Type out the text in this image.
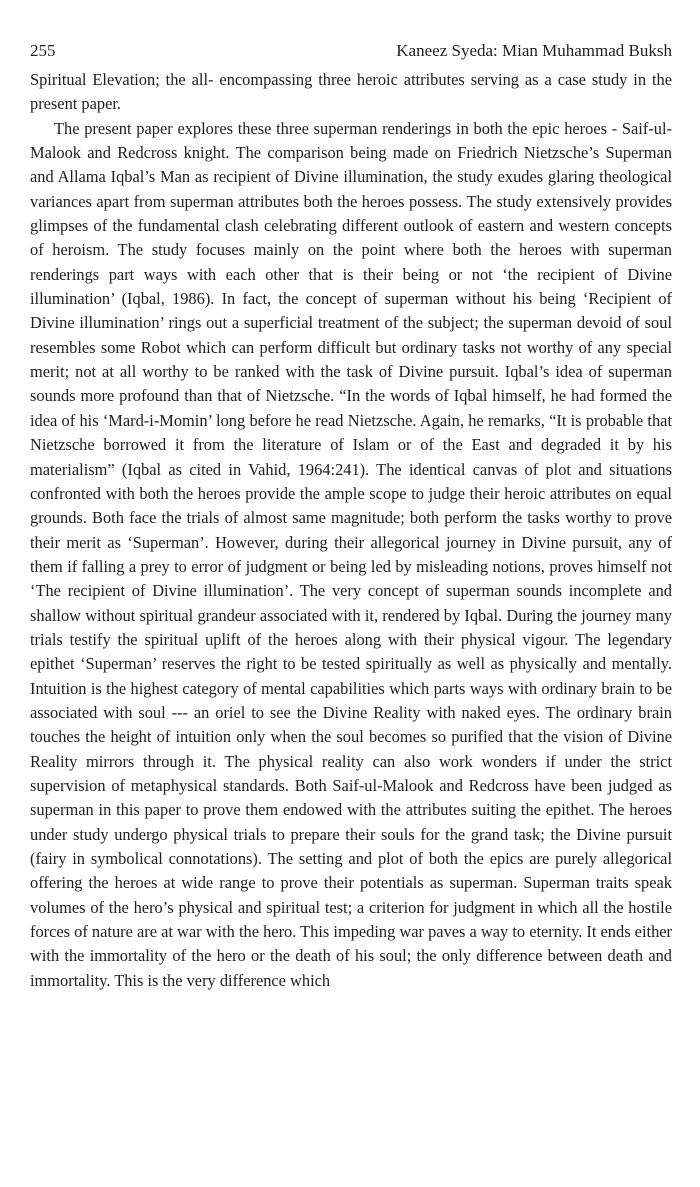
255	Kaneez Syeda: Mian Muhammad Buksh

Spiritual Elevation; the all- encompassing three heroic attributes serving as a case study in the present paper.

The present paper explores these three superman renderings in both the epic heroes - Saif-ul-Malook and Redcross knight. The comparison being made on Friedrich Nietzsche’s Superman and Allama Iqbal’s Man as recipient of Divine illumination, the study exudes glaring theological variances apart from superman attributes both the heroes possess. The study extensively provides glimpses of the fundamental clash celebrating different outlook of eastern and western concepts of heroism. The study focuses mainly on the point where both the heroes with superman renderings part ways with each other that is their being or not ‘the recipient of Divine illumination’ (Iqbal, 1986). In fact, the concept of superman without his being ‘Recipient of Divine illumination’ rings out a superficial treatment of the subject; the superman devoid of soul resembles some Robot which can perform difficult but ordinary tasks not worthy of any special merit; not at all worthy to be ranked with the task of Divine pursuit. Iqbal’s idea of superman sounds more profound than that of Nietzsche. “In the words of Iqbal himself, he had formed the idea of his ‘Mard-i-Momin’ long before he read Nietzsche. Again, he remarks, “It is probable that Nietzsche borrowed it from the literature of Islam or of the East and degraded it by his materialism” (Iqbal as cited in Vahid, 1964:241). The identical canvas of plot and situations confronted with both the heroes provide the ample scope to judge their heroic attributes on equal grounds. Both face the trials of almost same magnitude; both perform the tasks worthy to prove their merit as ‘Superman’. However, during their allegorical journey in Divine pursuit, any of them if falling a prey to error of judgment or being led by misleading notions, proves himself not ‘The recipient of Divine illumination’. The very concept of superman sounds incomplete and shallow without spiritual grandeur associated with it, rendered by Iqbal. During the journey many trials testify the spiritual uplift of the heroes along with their physical vigour. The legendary epithet ‘Superman’ reserves the right to be tested spiritually as well as physically and mentally. Intuition is the highest category of mental capabilities which parts ways with ordinary brain to be associated with soul --- an oriel to see the Divine Reality with naked eyes. The ordinary brain touches the height of intuition only when the soul becomes so purified that the vision of Divine Reality mirrors through it. The physical reality can also work wonders if under the strict supervision of metaphysical standards. Both Saif-ul-Malook and Redcross have been judged as superman in this paper to prove them endowed with the attributes suiting the epithet. The heroes under study undergo physical trials to prepare their souls for the grand task; the Divine pursuit (fairy in symbolical connotations). The setting and plot of both the epics are purely allegorical offering the heroes at wide range to prove their potentials as superman. Superman traits speak volumes of the hero’s physical and spiritual test; a criterion for judgment in which all the hostile forces of nature are at war with the hero. This impeding war paves a way to eternity. It ends either with the immortality of the hero or the death of his soul; the only difference between death and immortality. This is the very difference which
